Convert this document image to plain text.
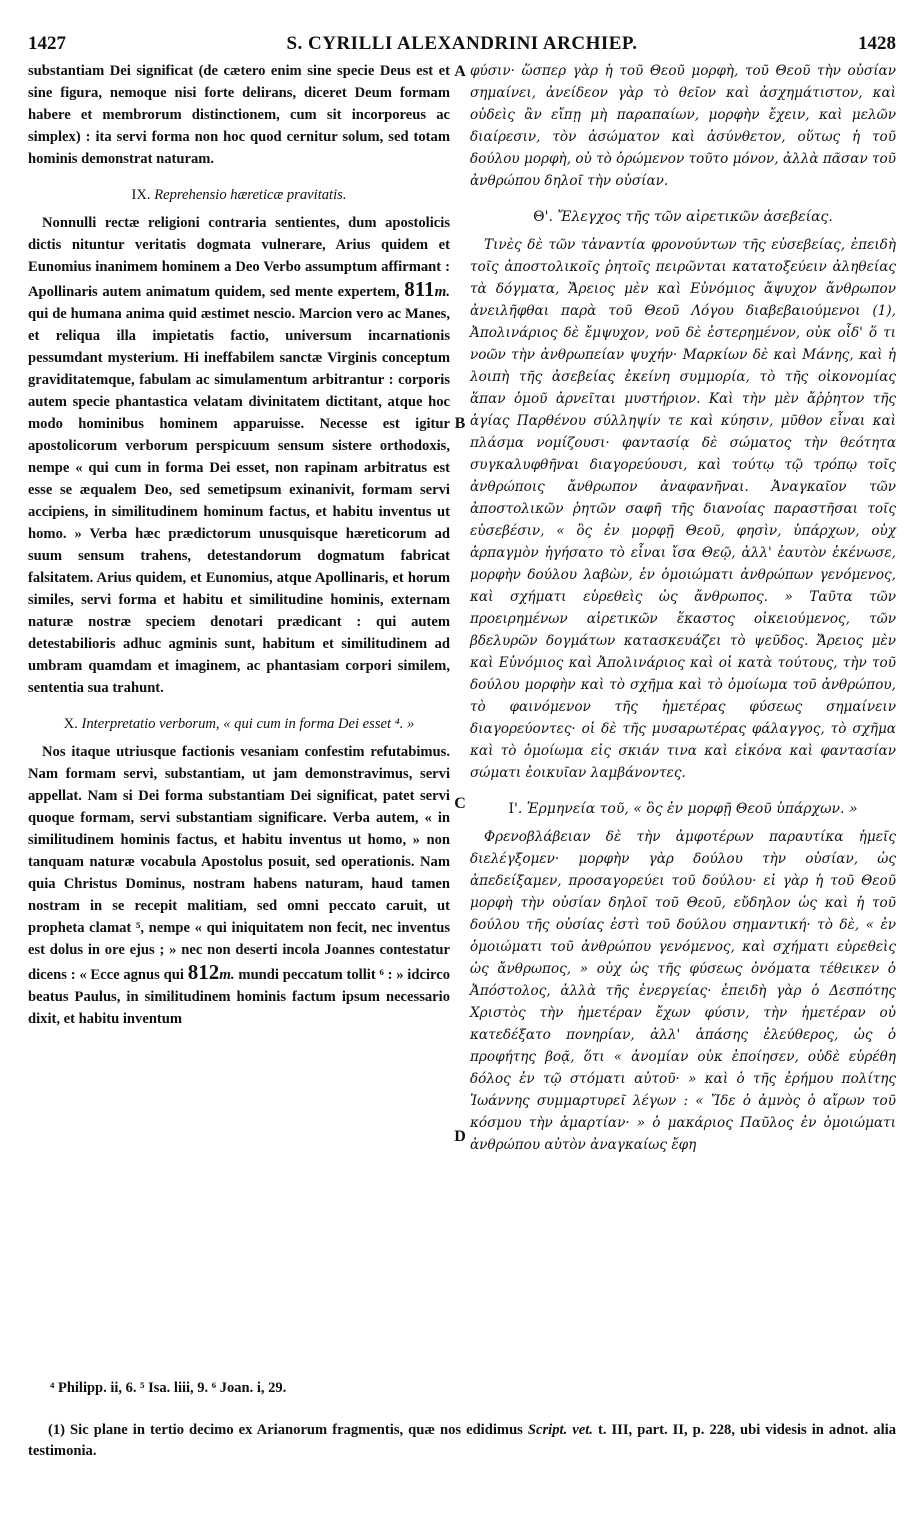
1427	S. CYRILLI ALEXANDRINI ARCHIEP.	1428
A
B
C
D

substantiam Dei significat (de cætero enim sine specie Deus est et sine figura, nemoque nisi forte delirans, diceret Deum formam habere et membrorum distinctionem, cum sit incorporeus ac simplex) : ita servi forma non hoc quod cernitur solum, sed totam hominis demonstrat naturam.

IX. Reprehensio hæreticæ pravitatis.

Nonnulli rectæ religioni contraria sentientes, dum apostolicis dictis nituntur veritatis dogmata vulnerare, Arius quidem et Eunomius inanimem hominem a Deo Verbo assumptum affirmant : Apollinaris autem animatum quidem, sed mente expertem, 811m. qui de humana anima quid æstimet nescio. Marcion vero ac Manes, et reliqua illa impietatis factio, universum incarnationis pessumdant mysterium. Hi ineffabilem sanctæ Virginis conceptum graviditatemque, fabulam ac simulamentum arbitrantur : corporis autem specie phantastica velatam divinitatem dictitant, atque hoc modo hominibus hominem apparuisse. Necesse est igitur apostolicorum verborum perspicuum sensum sistere orthodoxis, nempe « qui cum in forma Dei esset, non rapinam arbitratus est esse se æqualem Deo, sed semetipsum exinanivit, formam servi accipiens, in similitudinem hominum factus, et habitu inventus ut homo. » Verba hæc prædictorum unusquisque hæreticorum ad suum sensum trahens, detestandorum dogmatum fabricat falsitatem. Arius quidem, et Eunomius, atque Apollinaris, et horum similes, servi forma et habitu et similitudine hominis, externam naturæ nostræ speciem denotari prædicant : qui autem detestabilioris adhuc agminis sunt, habitum et similitudinem ad umbram quamdam et imaginem, ac phantasiam corpori similem, sententia sua trahunt.

X. Interpretatio verborum, « qui cum in forma Dei esset ⁴. »

Nos itaque utriusque factionis vesaniam confestim refutabimus. Nam formam servi, substantiam, ut jam demonstravimus, servi appellat. Nam si Dei forma substantiam Dei significat, patet servi quoque formam, servi substantiam significare. Verba autem, « in similitudinem hominis factus, et habitu inventus ut homo, » non tanquam naturæ vocabula Apostolus posuit, sed operationis. Nam quia Christus Dominus, nostram habens naturam, haud tamen nostram in se recepit malitiam, sed omni peccato caruit, ut propheta clamat ⁵, nempe « qui iniquitatem non fecit, nec inventus est dolus in ore ejus ; » nec non deserti incola Joannes contestatur dicens : « Ecce agnus qui 812m. mundi peccatum tollit ⁶ : » idcirco beatus Paulus, in similitudinem hominis factum ipsum necessario dixit, et habitu inventum

φύσιν· ὥσπερ γὰρ ἡ τοῦ Θεοῦ μορφὴ, τοῦ Θεοῦ τὴν οὐσίαν σημαίνει, ἀνείδεον γὰρ τὸ θεῖον καὶ ἀσχημάτιστον, καὶ οὐδεὶς ἂν εἴπῃ μὴ παραπαίων, μορφὴν ἔχειν, καὶ μελῶν διαίρεσιν, τὸν ἀσώματον καὶ ἀσύνθετον, οὕτως ἡ τοῦ δούλου μορφὴ, οὐ τὸ ὁρώμενον τοῦτο μόνον, ἀλλὰ πᾶσαν τοῦ ἀνθρώπου δηλοῖ τὴν οὐσίαν.

Θ'. Ἔλεγχος τῆς τῶν αἱρετικῶν ἀσεβείας.

Τινὲς δὲ τῶν τἀναντία φρονούντων τῆς εὐσεβείας, ἐπειδὴ τοῖς ἀποστολικοῖς ῥητοῖς πειρῶνται κατατοξεύειν ἀληθείας τὰ δόγματα, Ἄρειος μὲν καὶ Εὐνόμιος ἄψυχον ἄνθρωπον ἀνειλῆφθαι παρὰ τοῦ Θεοῦ Λόγου διαβεβαιούμενοι (1), Ἀπολινάριος δὲ ἔμψυχον, νοῦ δὲ ἐστερημένον, οὐκ οἶδ' ὅ τι νοῶν τὴν ἀνθρωπείαν ψυχήν· Μαρκίων δὲ καὶ Μάνης, καὶ ἡ λοιπὴ τῆς ἀσεβείας ἐκείνη συμμορία, τὸ τῆς οἰκονομίας ἅπαν ὁμοῦ ἀρνεῖται μυστήριον. Καὶ τὴν μὲν ἄῤῥητον τῆς ἁγίας Παρθένου σύλληψίν τε καὶ κύησιν, μῦθον εἶναι καὶ πλάσμα νομίζουσι· φαντασίᾳ δὲ σώματος τὴν θεότητα συγκαλυφθῆναι διαγορεύουσι, καὶ τούτῳ τῷ τρόπῳ τοῖς ἀνθρώποις ἄνθρωπον ἀναφανῆναι. Ἀναγκαῖον τῶν ἀποστολικῶν ῥητῶν σαφῆ τῆς διανοίας παραστῆσαι τοῖς εὐσεβέσιν, « ὃς ἐν μορφῇ Θεοῦ, φησὶν, ὑπάρχων, οὐχ ἁρπαγμὸν ἡγήσατο τὸ εἶναι ἴσα Θεῷ, ἀλλ' ἑαυτὸν ἐκένωσε, μορφὴν δούλου λαβὼν, ἐν ὁμοιώματι ἀνθρώπων γενόμενος, καὶ σχήματι εὑρεθεὶς ὡς ἄνθρωπος. » Ταῦτα τῶν προειρημένων αἱρετικῶν ἕκαστος οἰκειούμενος, τῶν βδελυρῶν δογμάτων κατασκευάζει τὸ ψεῦδος. Ἄρειος μὲν καὶ Εὐνόμιος καὶ Ἀπολινάριος καὶ οἱ κατὰ τούτους, τὴν τοῦ δούλου μορφὴν καὶ τὸ σχῆμα καὶ τὸ ὁμοίωμα τοῦ ἀνθρώπου, τὸ φαινόμενον τῆς ἡμετέρας φύσεως σημαίνειν διαγορεύοντες· οἱ δὲ τῆς μυσαρωτέρας φάλαγγος, τὸ σχῆμα καὶ τὸ ὁμοίωμα εἰς σκιάν τινα καὶ εἰκόνα καὶ φαντασίαν σώματι ἐοικυῖαν λαμβάνοντες.

Ι'. Ἑρμηνεία τοῦ, « ὃς ἐν μορφῇ Θεοῦ ὑπάρχων. »

Φρενοβλάβειαν δὲ τὴν ἀμφοτέρων παραυτίκα ἡμεῖς διελέγξομεν· μορφὴν γὰρ δούλου τὴν οὐσίαν, ὡς ἀπεδείξαμεν, προσαγορεύει τοῦ δούλου· εἰ γὰρ ἡ τοῦ Θεοῦ μορφὴ τὴν οὐσίαν δηλοῖ τοῦ Θεοῦ, εὔδηλον ὡς καὶ ἡ τοῦ δούλου τῆς οὐσίας ἐστὶ τοῦ δούλου σημαντική· τὸ δὲ, « ἐν ὁμοιώματι τοῦ ἀνθρώπου γενόμενος, καὶ σχήματι εὑρεθεὶς ὡς ἄνθρωπος, » οὐχ ὡς τῆς φύσεως ὀνόματα τέθεικεν ὁ Ἀπόστολος, ἀλλὰ τῆς ἐνεργείας· ἐπειδὴ γὰρ ὁ Δεσπότης Χριστὸς τὴν ἡμετέραν ἔχων φύσιν, τὴν ἡμετέραν οὐ κατεδέξατο πονηρίαν, ἀλλ' ἁπάσης ἐλεύθερος, ὡς ὁ προφήτης βοᾷ, ὅτι « ἀνομίαν οὐκ ἐποίησεν, οὐδὲ εὑρέθη δόλος ἐν τῷ στόματι αὐτοῦ· » καὶ ὁ τῆς ἐρήμου πολίτης Ἰωάννης συμμαρτυρεῖ λέγων : « Ἴδε ὁ ἀμνὸς ὁ αἴρων τοῦ κόσμου τὴν ἁμαρτίαν· » ὁ μακάριος Παῦλος ἐν ὁμοιώματι ἀνθρώπου αὐτὸν ἀναγκαίως ἔφη

⁴ Philipp. ii, 6. ⁵ Isa. liii, 9. ⁶ Joan. i, 29.
(1) Sic plane in tertio decimo ex Arianorum fragmentis, quæ nos edidimus Script. vet. t. III, part. II, p. 228, ubi videsis in adnot. alia testimonia.
